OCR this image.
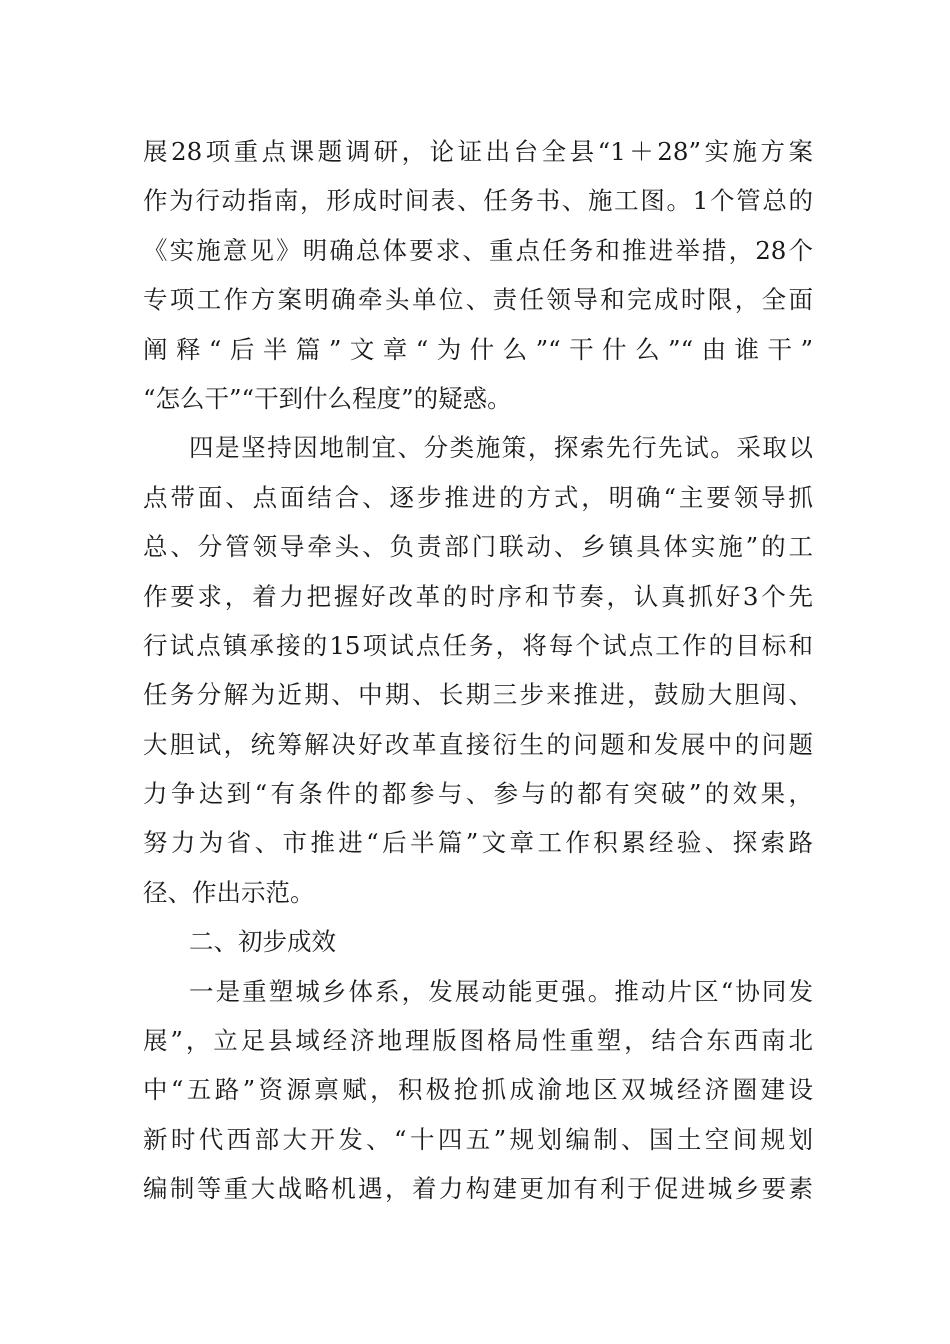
展28项重点课题调研，论证出台全县“1＋28”实施方案
作为行动指南，形成时间表、任务书、施工图。1个管总的
《实施意见》明确总体要求、重点任务和推进举措，28个
专项工作方案明确牵头单位、责任领导和完成时限，全面
阐释“后半篇”文章“为什么”“干什么”“由谁干”
“怎么干”“干到什么程度”的疑惑。
四是坚持因地制宜、分类施策，探索先行先试。采取以
点带面、点面结合、逐步推进的方式，明确“主要领导抓
总、分管领导牵头、负责部门联动、乡镇具体实施”的工
作要求，着力把握好改革的时序和节奏，认真抓好3个先
行试点镇承接的15项试点任务，将每个试点工作的目标和
任务分解为近期、中期、长期三步来推进，鼓励大胆闯、
大胆试，统筹解决好改革直接衍生的问题和发展中的问题
力争达到“有条件的都参与、参与的都有突破”的效果，
努力为省、市推进“后半篇”文章工作积累经验、探索路
径、作出示范。
二、初步成效
一是重塑城乡体系，发展动能更强。推动片区“协同发
展”，立足县域经济地理版图格局性重塑，结合东西南北
中“五路”资源禀赋，积极抢抓成渝地区双城经济圈建设
新时代西部大开发、“十四五”规划编制、国土空间规划
编制等重大战略机遇，着力构建更加有利于促进城乡要素
